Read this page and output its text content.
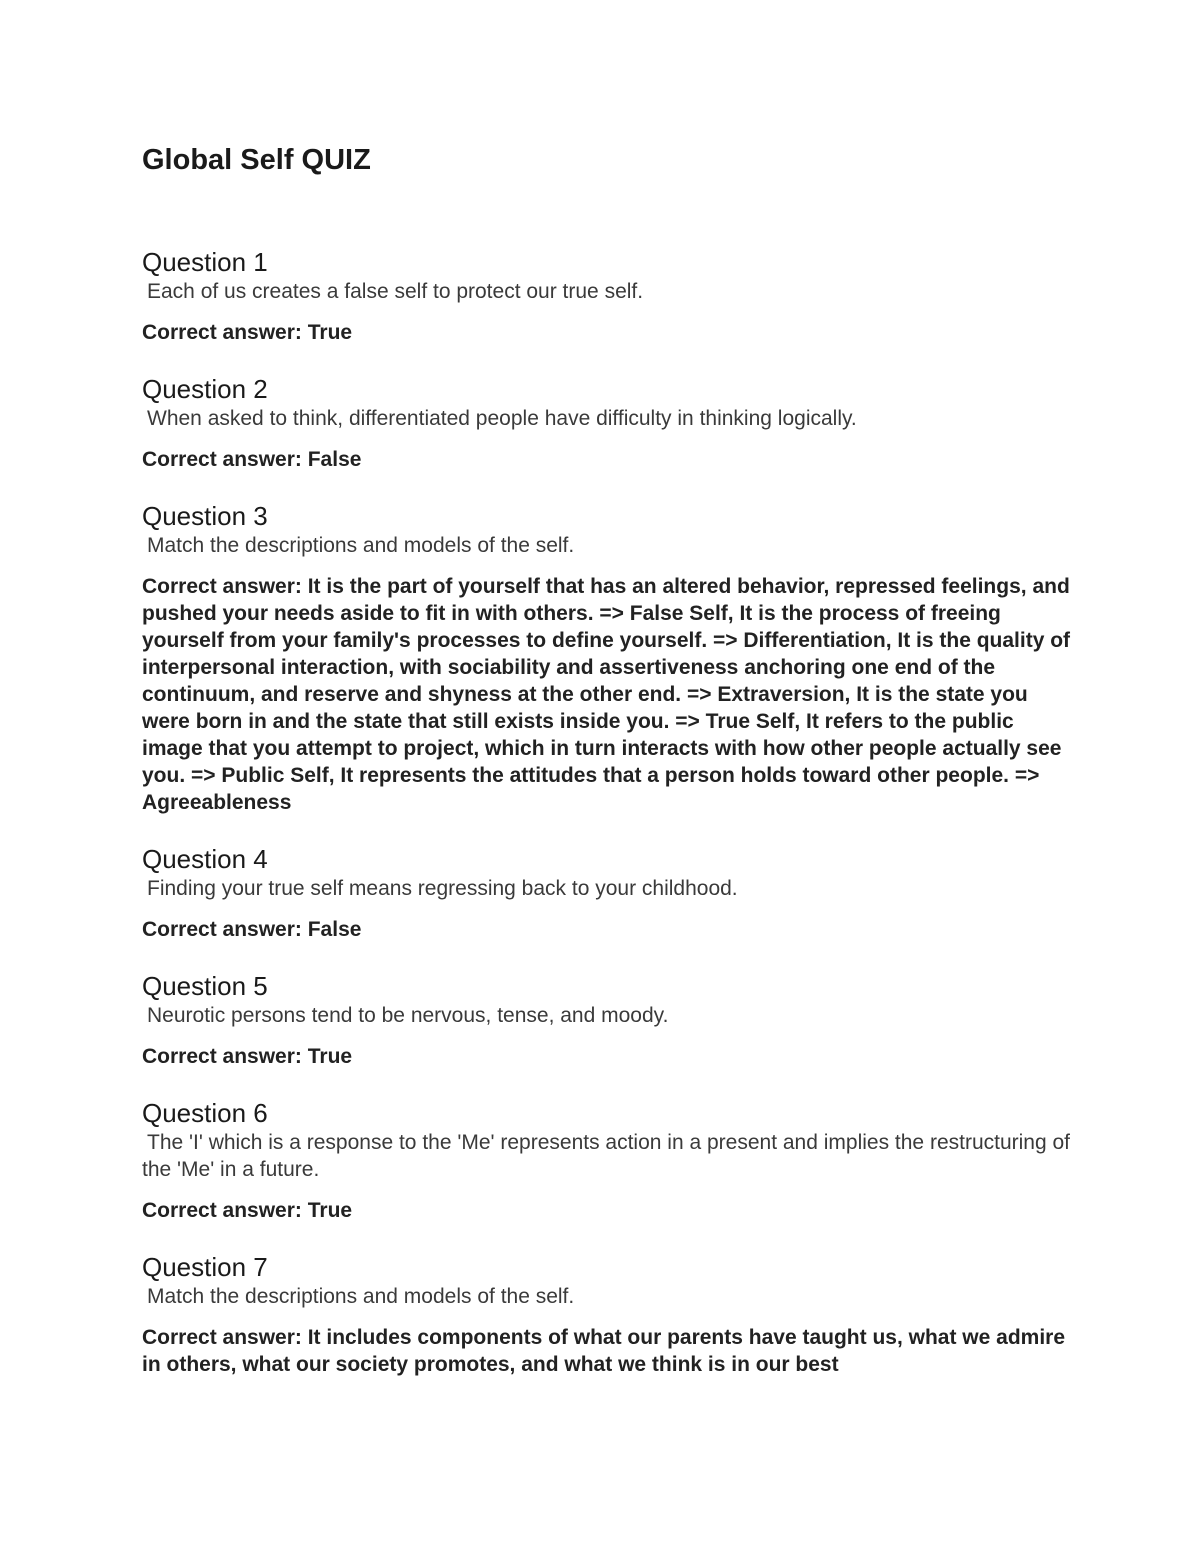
Global Self QUIZ
Question 1

Each of us creates a false self to protect our true self.

Correct answer: True

Question 2

When asked to think, differentiated people have difficulty in thinking logically.

Correct answer: False

Question 3

Match the descriptions and models of the self.

Correct answer: It is the part of yourself that has an altered behavior, repressed feelings, and pushed your needs aside to fit in with others. => False Self, It is the process of freeing yourself from your family's processes to define yourself. => Differentiation, It is the quality of interpersonal interaction, with sociability and assertiveness anchoring one end of the continuum, and reserve and shyness at the other end. => Extraversion, It is the state you were born in and the state that still exists inside you. => True Self, It refers to the public image that you attempt to project, which in turn interacts with how other people actually see you. => Public Self, It represents the attitudes that a person holds toward other people. => Agreeableness

Question 4

Finding your true self means regressing back to your childhood.

Correct answer: False

Question 5

Neurotic persons tend to be nervous, tense, and moody.

Correct answer: True

Question 6

The 'I' which is a response to the 'Me' represents action in a present and implies the restructuring of the 'Me' in a future.

Correct answer: True

Question 7

Match the descriptions and models of the self.

Correct answer: It includes components of what our parents have taught us, what we admire in others, what our society promotes, and what we think is in our best
